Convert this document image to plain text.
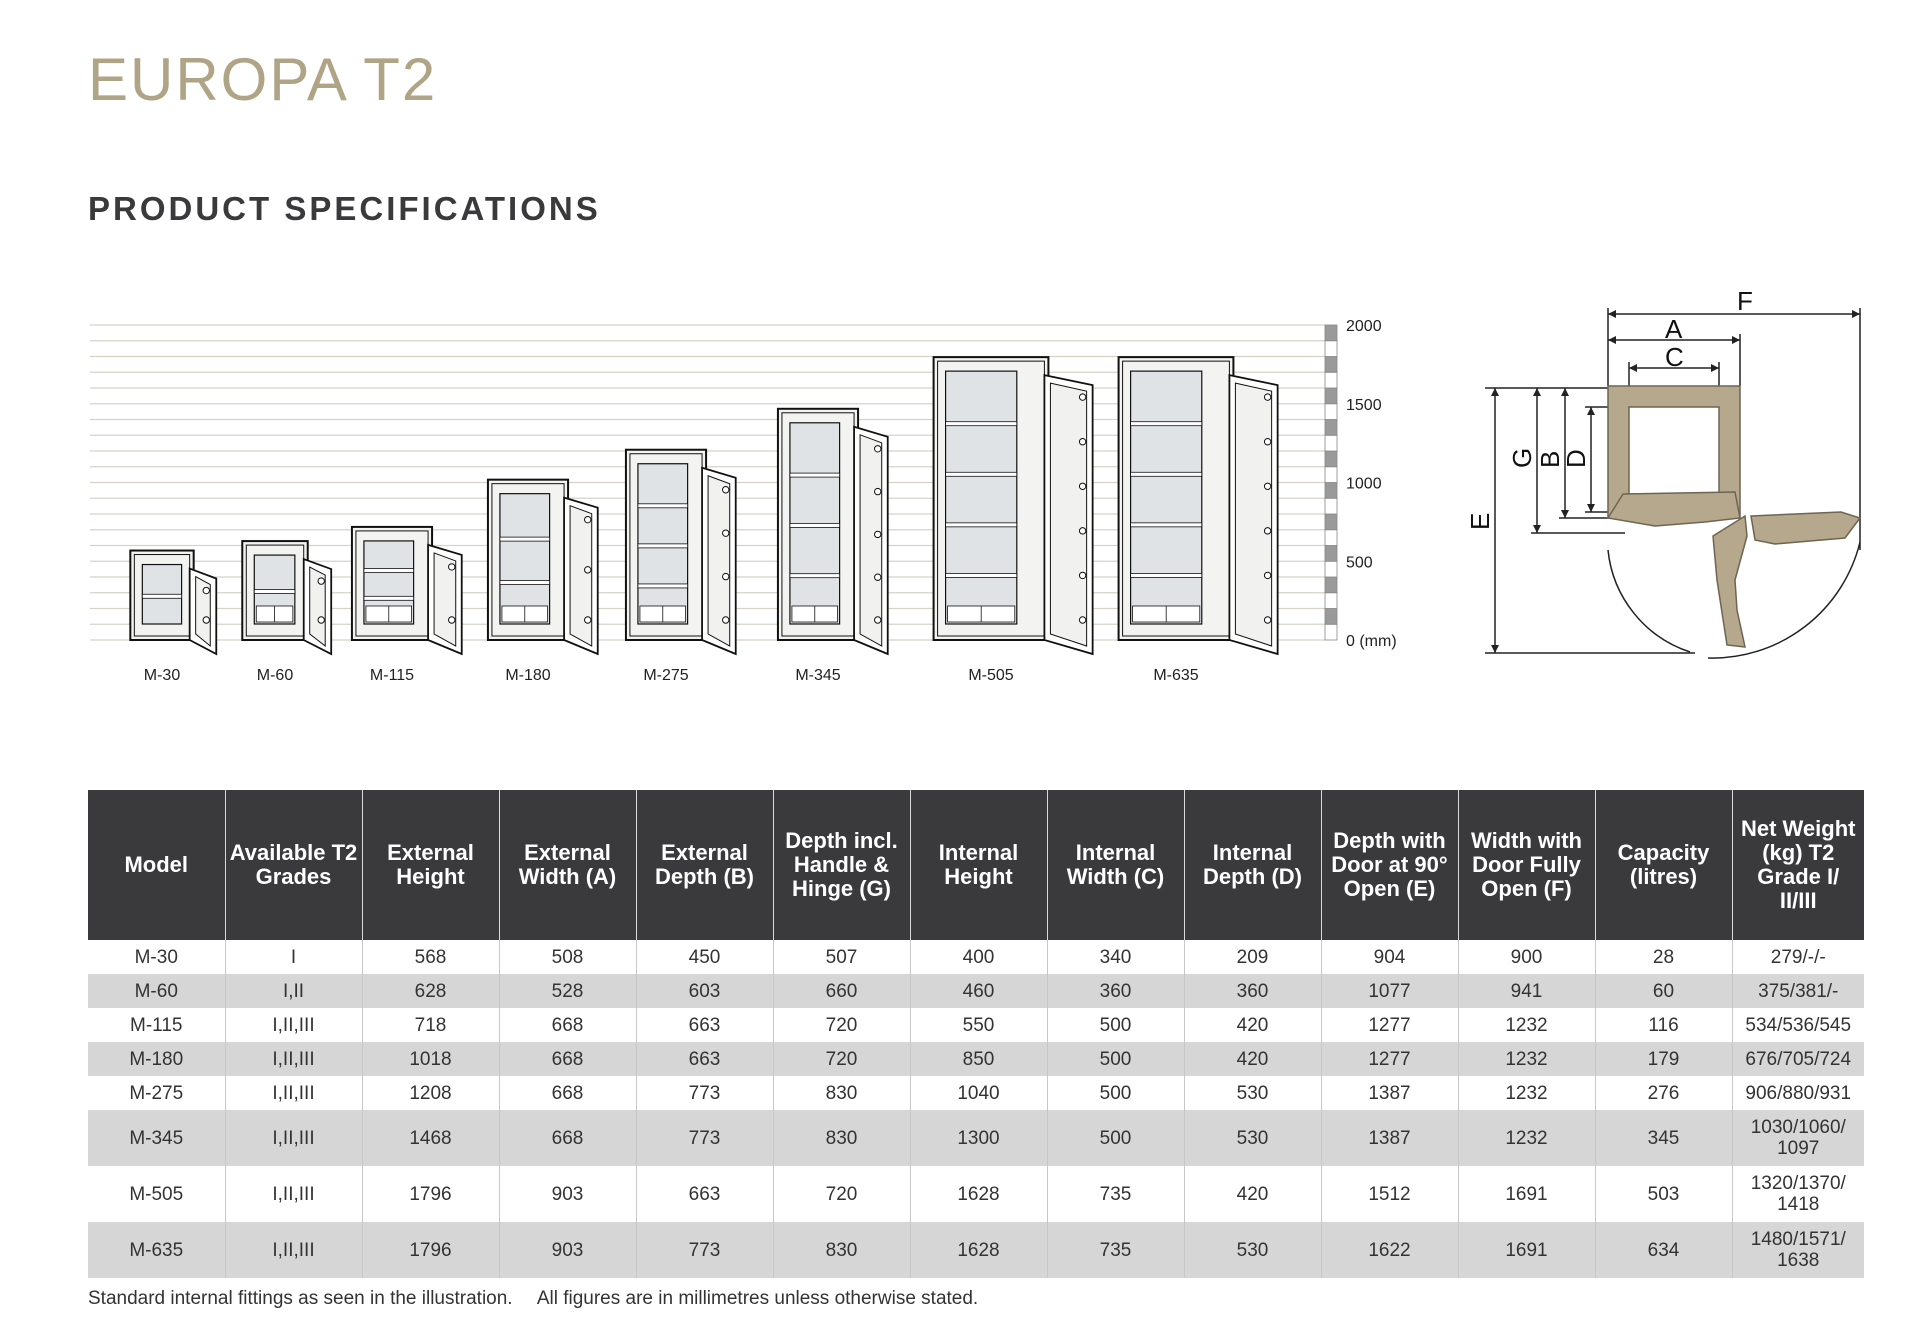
EUROPA T2
PRODUCT SPECIFICATIONS
2000
1500
1000
500
0 (mm)
M-30	M-60	M-115	M-180	M-275	M-345	M-505	M-635
F
A
C
G
B
D
E
Model	Available T2 Grades	External Height	External Width (A)	External Depth (B)	Depth incl. Handle & Hinge (G)	Internal Height	Internal Width (C)	Internal Depth (D)	Depth with Door at 90° Open (E)	Width with Door Fully Open (F)	Capacity (litres)	Net Weight (kg) T2 Grade I/ II/III
M-30	I	568	508	450	507	400	340	209	904	900	28	279/-/-
M-60	I,II	628	528	603	660	460	360	360	1077	941	60	375/381/-
M-115	I,II,III	718	668	663	720	550	500	420	1277	1232	116	534/536/545
M-180	I,II,III	1018	668	663	720	850	500	420	1277	1232	179	676/705/724
M-275	I,II,III	1208	668	773	830	1040	500	530	1387	1232	276	906/880/931
M-345	I,II,III	1468	668	773	830	1300	500	530	1387	1232	345	1030/1060/ 1097
M-505	I,II,III	1796	903	663	720	1628	735	420	1512	1691	503	1320/1370/ 1418
M-635	I,II,III	1796	903	773	830	1628	735	530	1622	1691	634	1480/1571/ 1638

Standard internal fittings as seen in the illustration. All figures are in millimetres unless otherwise stated.
